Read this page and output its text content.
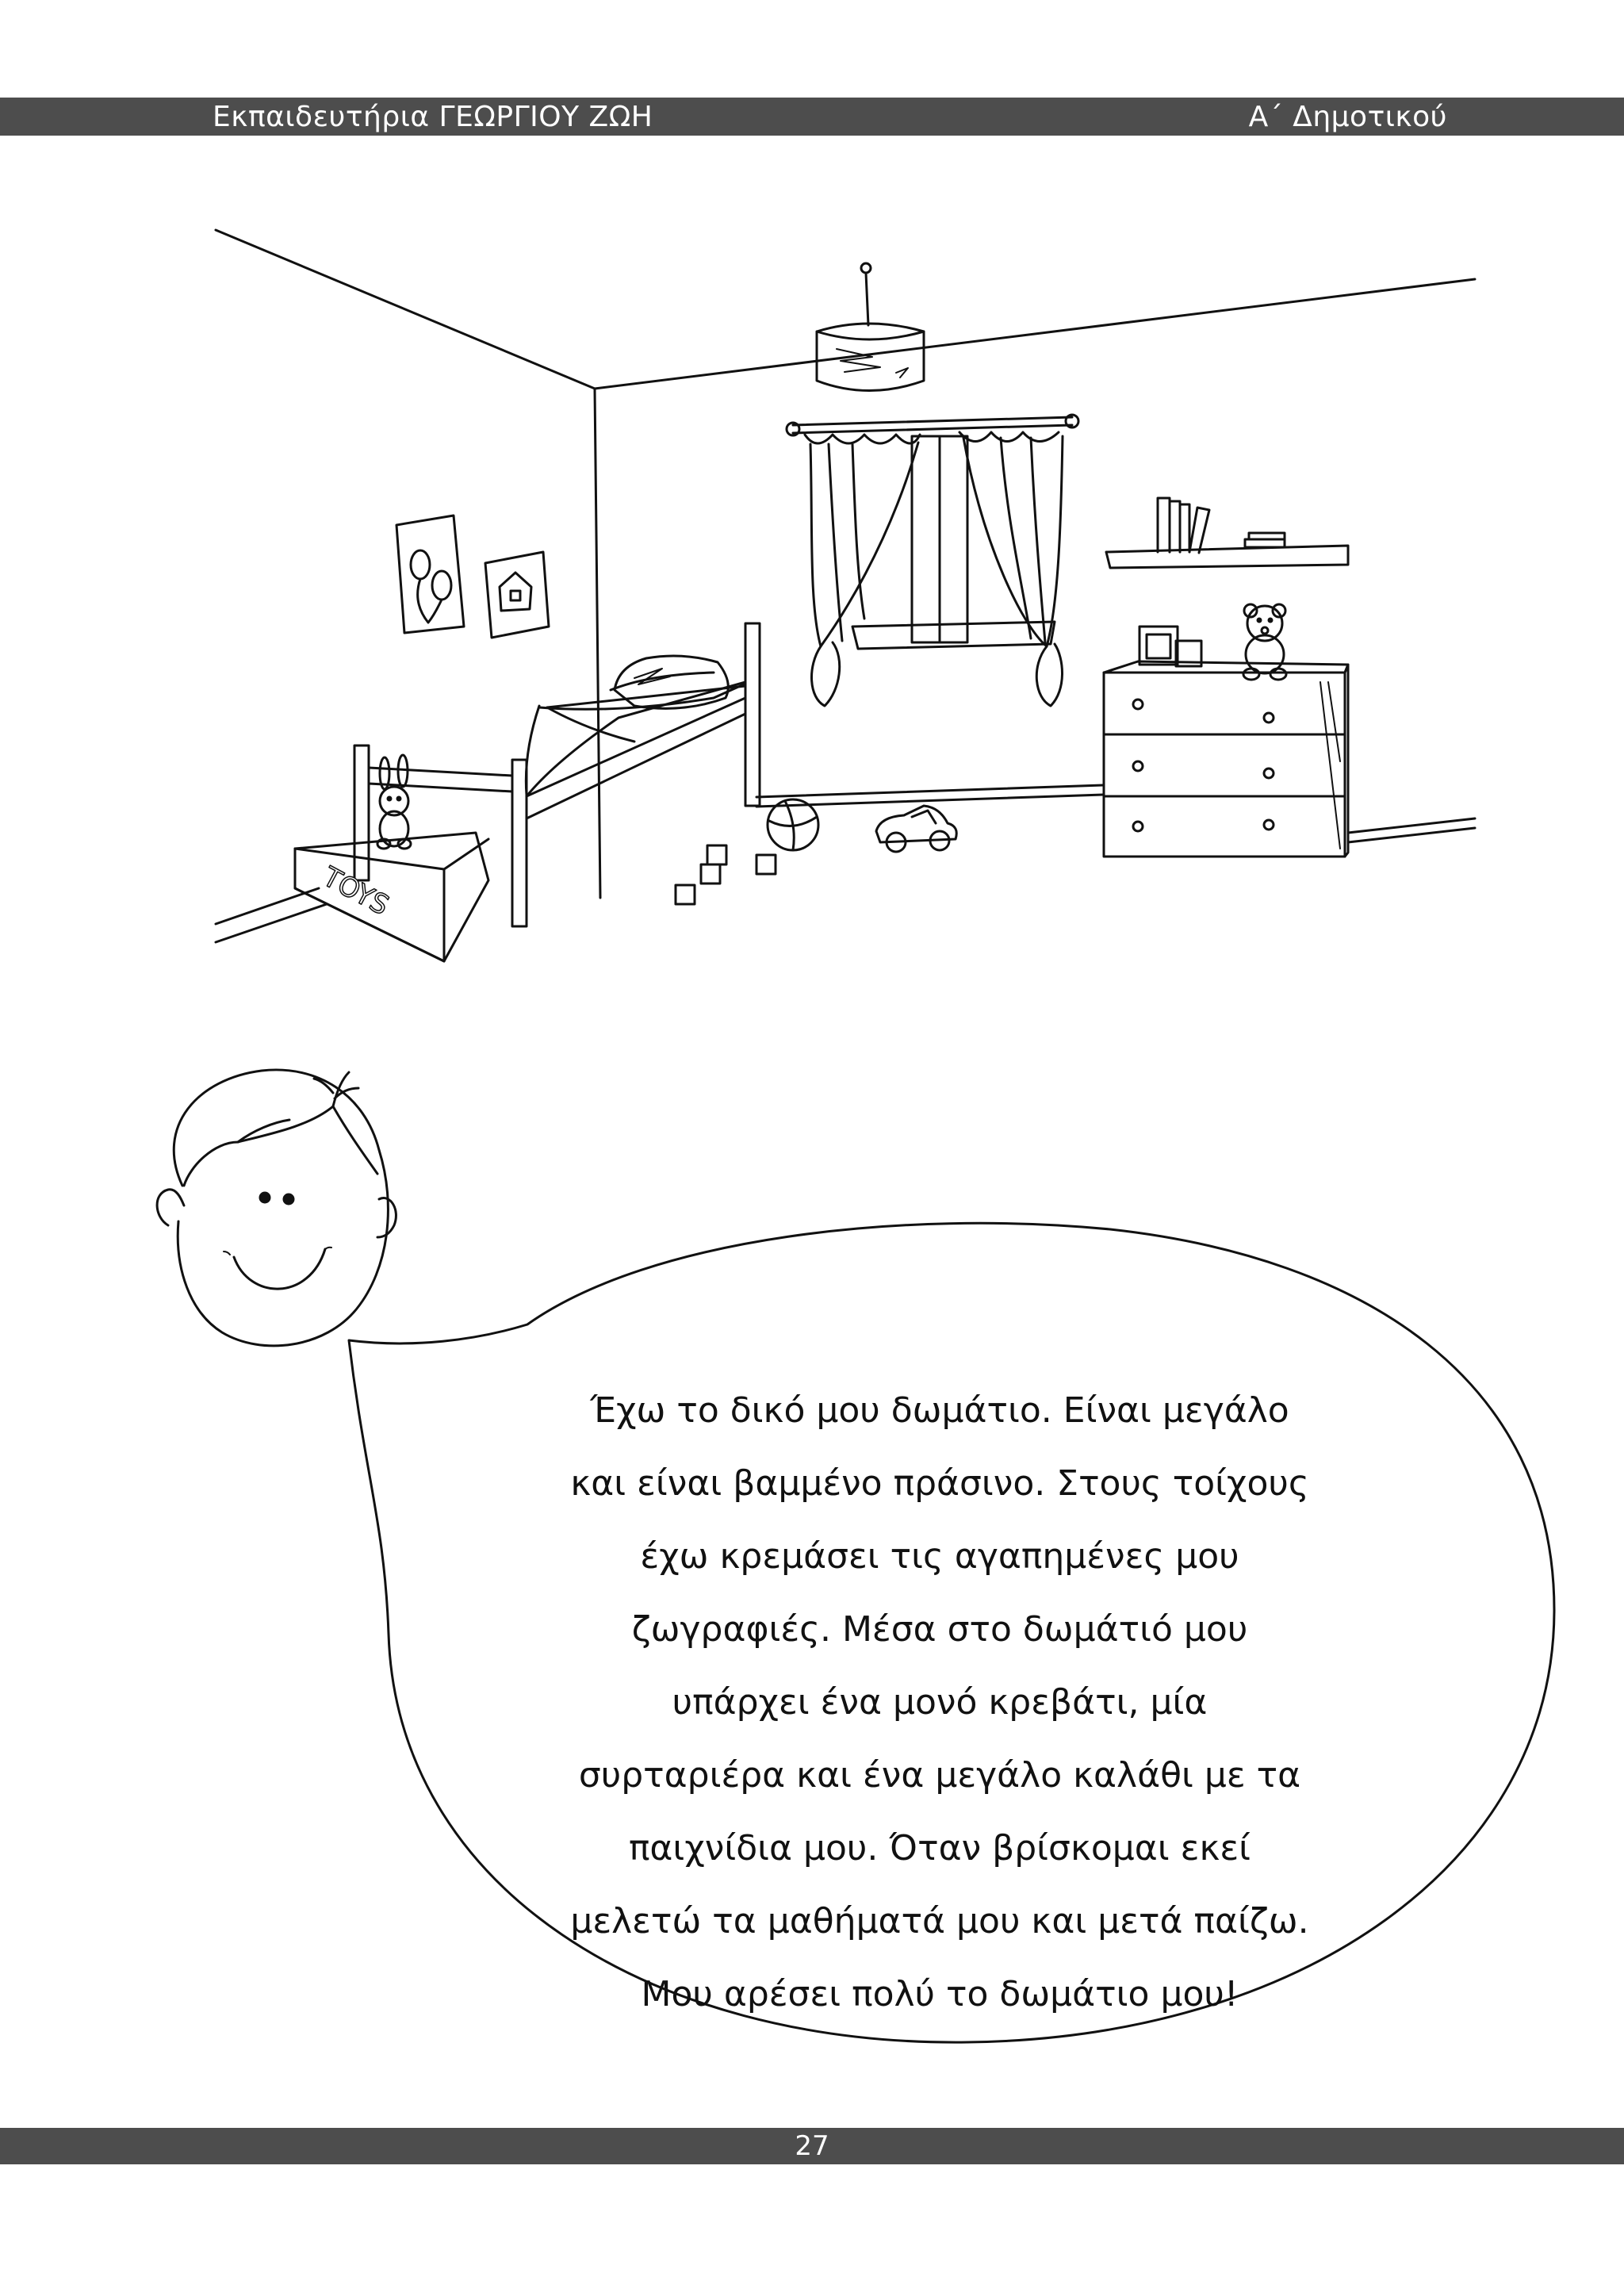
Εκπαιδευτήρια ΓΕΩΡΓΙΟΥ ΖΩΗ	Α΄ Δημοτικού
TOYS
Έχω το δικό μου δωμάτιο. Είναι μεγάλο
και είναι βαμμένο πράσινο. Στους τοίχους
έχω κρεμάσει τις αγαπημένες μου
ζωγραφιές. Μέσα στο δωμάτιό μου
υπάρχει ένα μονό κρεβάτι, μία
συρταριέρα και ένα μεγάλο καλάθι με τα
παιχνίδια μου. Όταν βρίσκομαι εκεί
μελετώ τα μαθήματά μου και μετά παίζω.
Μου αρέσει πολύ το δωμάτιο μου!
27
